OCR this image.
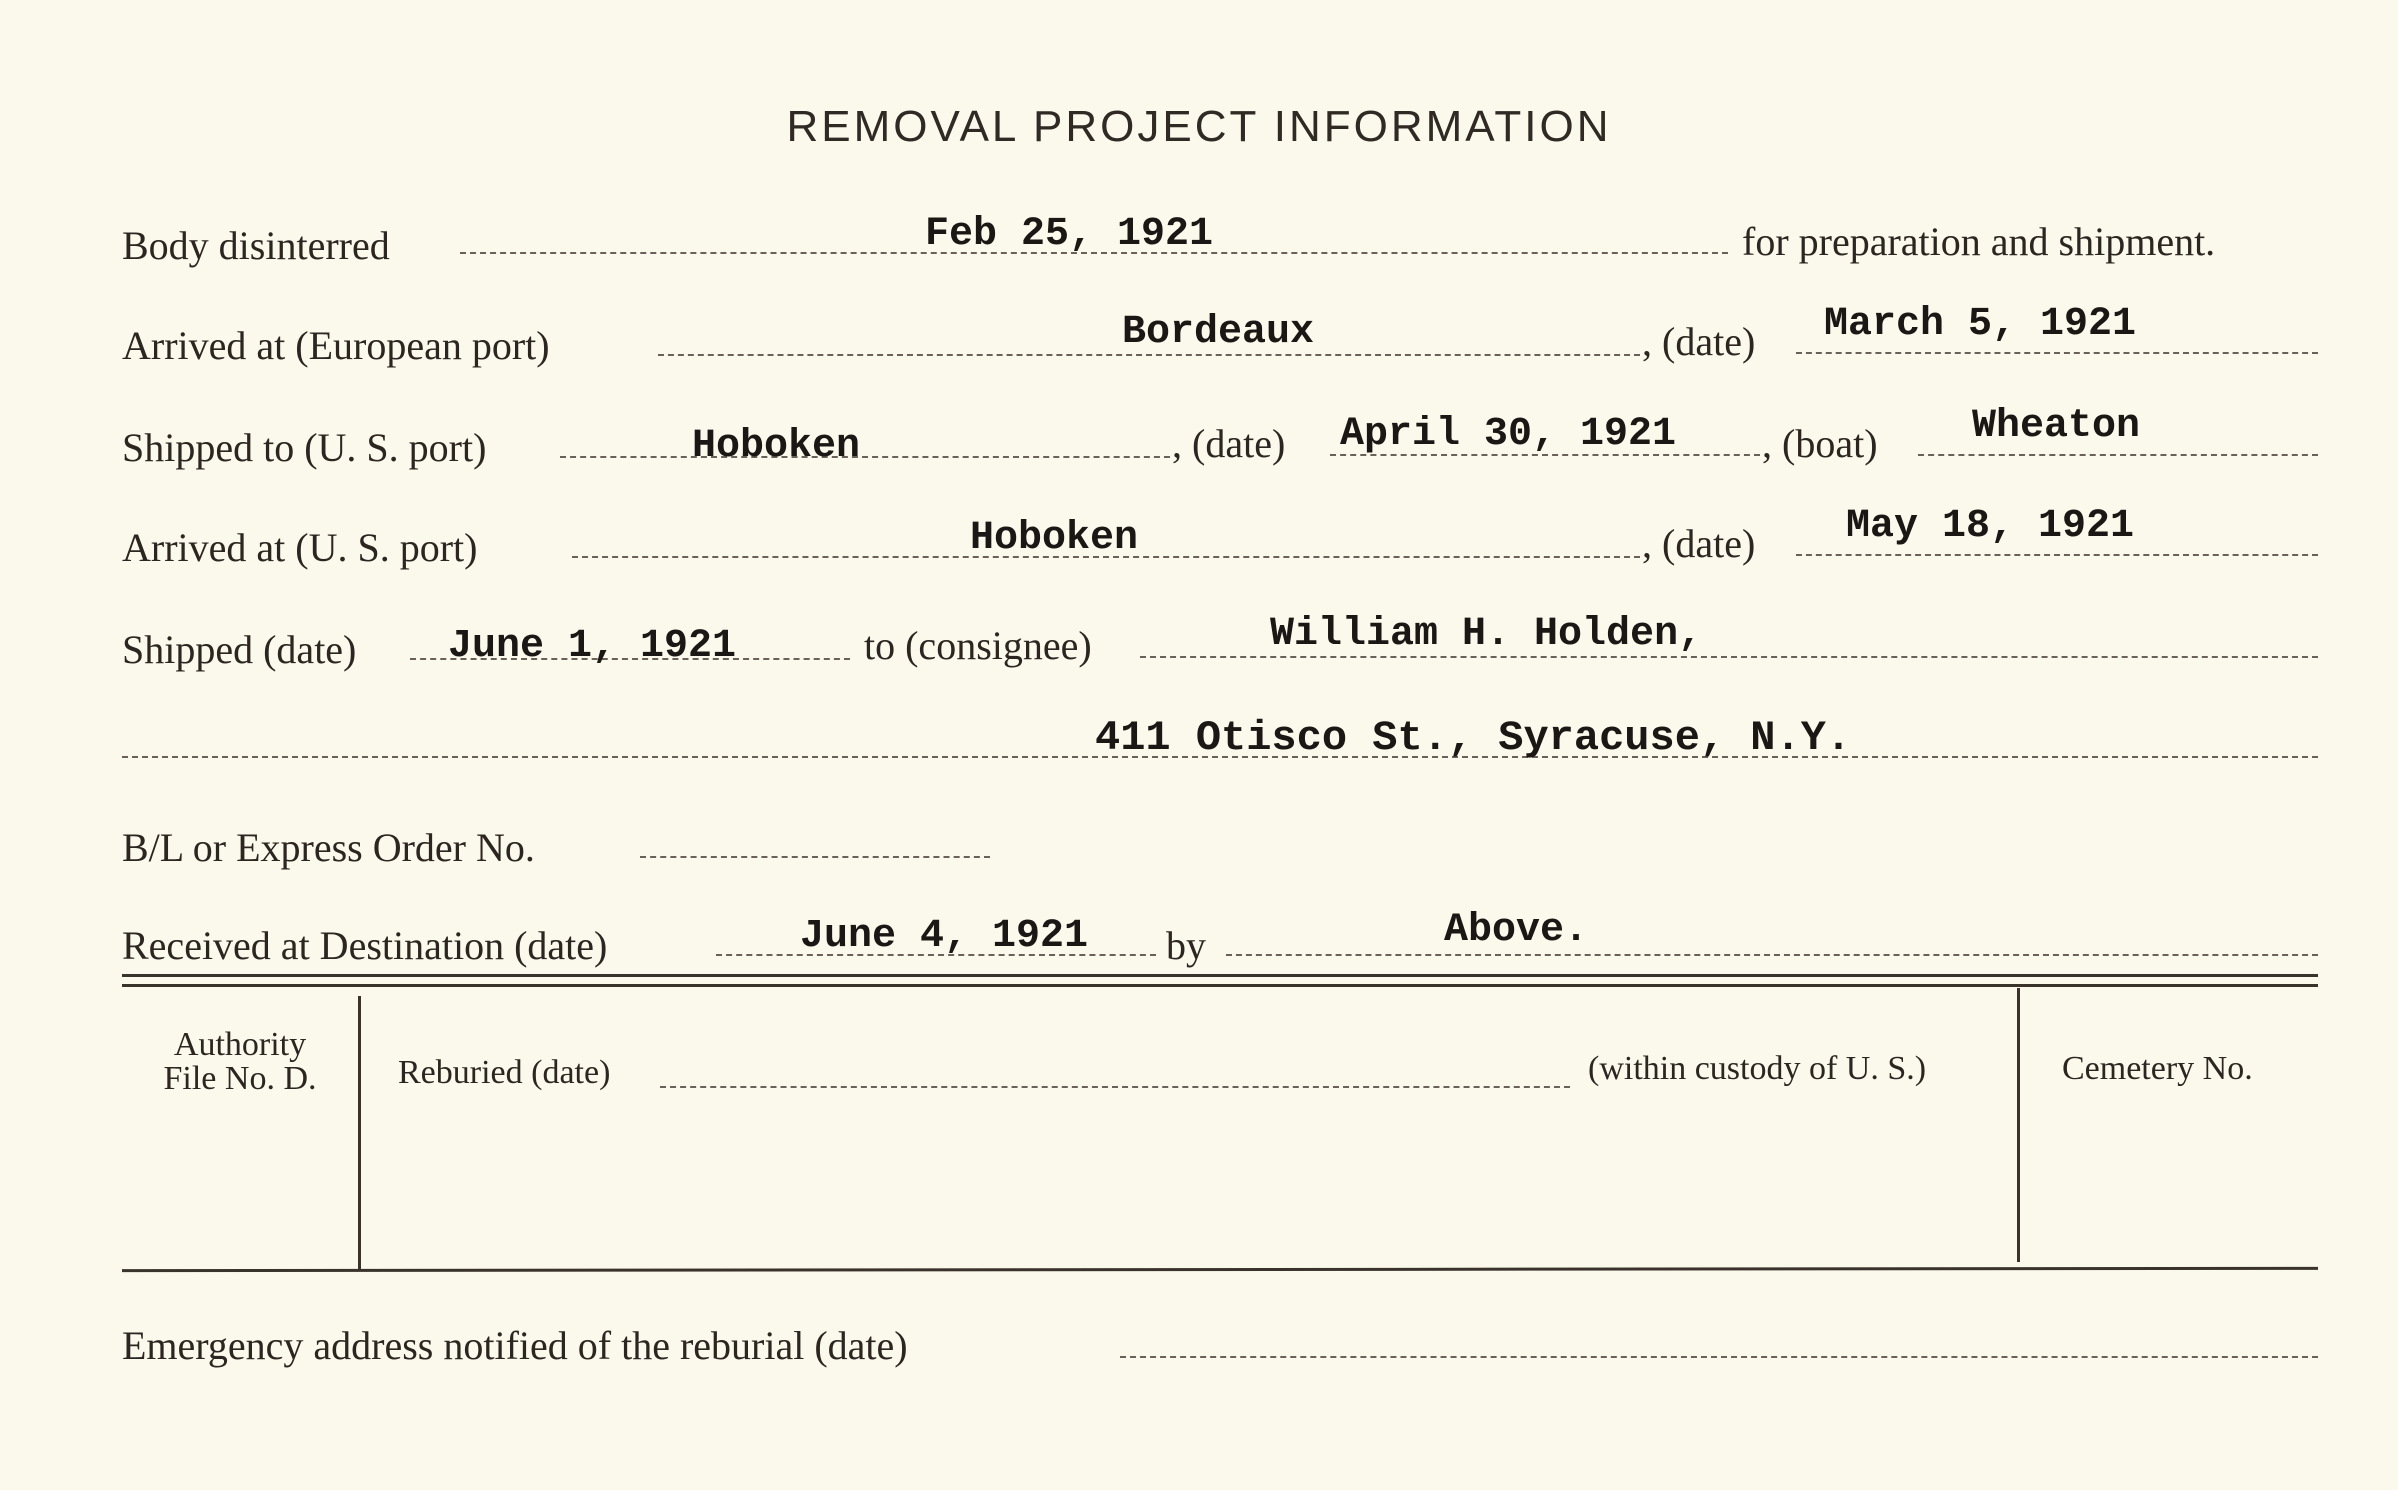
REMOVAL PROJECT INFORMATION
Body disinterred	Feb 25, 1921	for preparation and shipment.
Arrived at (European port)	Bordeaux	, (date) March 5, 1921
Shipped to (U. S. port)	Hoboken	, (date) April 30, 1921 , (boat) Wheaton
Arrived at (U. S. port)	Hoboken	, (date) May 18, 1921
Shipped (date) June 1, 1921	to (consignee)	William H. Holden,
411 Otisco St., Syracuse, N.Y.
B/L or Express Order No.
Received at Destination (date)	June 4, 1921 by	Above.
Authority
File No. D.	Reburied (date)	(within custody of U. S.)	Cemetery No.
Emergency address notified of the reburial (date)
